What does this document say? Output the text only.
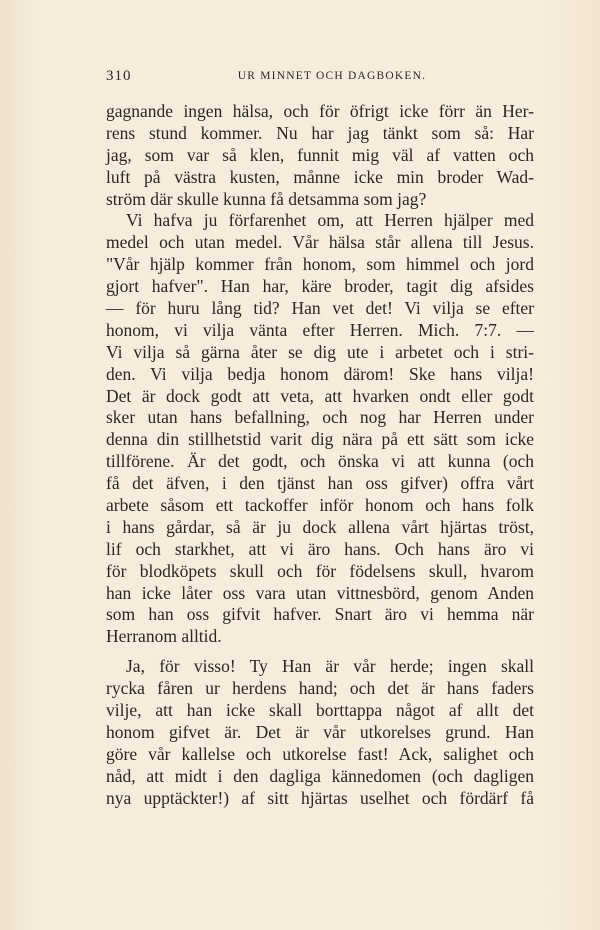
310	UR MINNET OCH DAGBOKEN.
gagnande ingen hälsa, och för öfrigt icke förr än Her-
rens stund kommer. Nu har jag tänkt som så: Har
jag, som var så klen, funnit mig väl af vatten och
luft på västra kusten, månne icke min broder Wad-
ström där skulle kunna få detsamma som jag?
Vi hafva ju förfarenhet om, att Herren hjälper med
medel och utan medel. Vår hälsa står allena till Jesus.
"Vår hjälp kommer från honom, som himmel och jord
gjort hafver". Han har, käre broder, tagit dig afsides
— för huru lång tid? Han vet det! Vi vilja se efter
honom, vi vilja vänta efter Herren. Mich. 7:7. —
Vi vilja så gärna åter se dig ute i arbetet och i stri-
den. Vi vilja bedja honom därom! Ske hans vilja!
Det är dock godt att veta, att hvarken ondt eller godt
sker utan hans befallning, och nog har Herren under
denna din stillhetstid varit dig nära på ett sätt som icke
tillförene. Är det godt, och önska vi att kunna (och
få det äfven, i den tjänst han oss gifver) offra vårt
arbete såsom ett tackoffer inför honom och hans folk
i hans gårdar, så är ju dock allena vårt hjärtas tröst,
lif och starkhet, att vi äro hans. Och hans äro vi
för blodköpets skull och för födelsens skull, hvarom
han icke låter oss vara utan vittnesbörd, genom Anden
som han oss gifvit hafver. Snart äro vi hemma när
Herranom alltid.
Ja, för visso! Ty Han är vår herde; ingen skall
rycka fåren ur herdens hand; och det är hans faders
vilje, att han icke skall borttappa något af allt det
honom gifvet är. Det är vår utkorelses grund. Han
göre vår kallelse och utkorelse fast! Ack, salighet och
nåd, att midt i den dagliga kännedomen (och dagligen
nya upptäckter!) af sitt hjärtas uselhet och fördärf få
